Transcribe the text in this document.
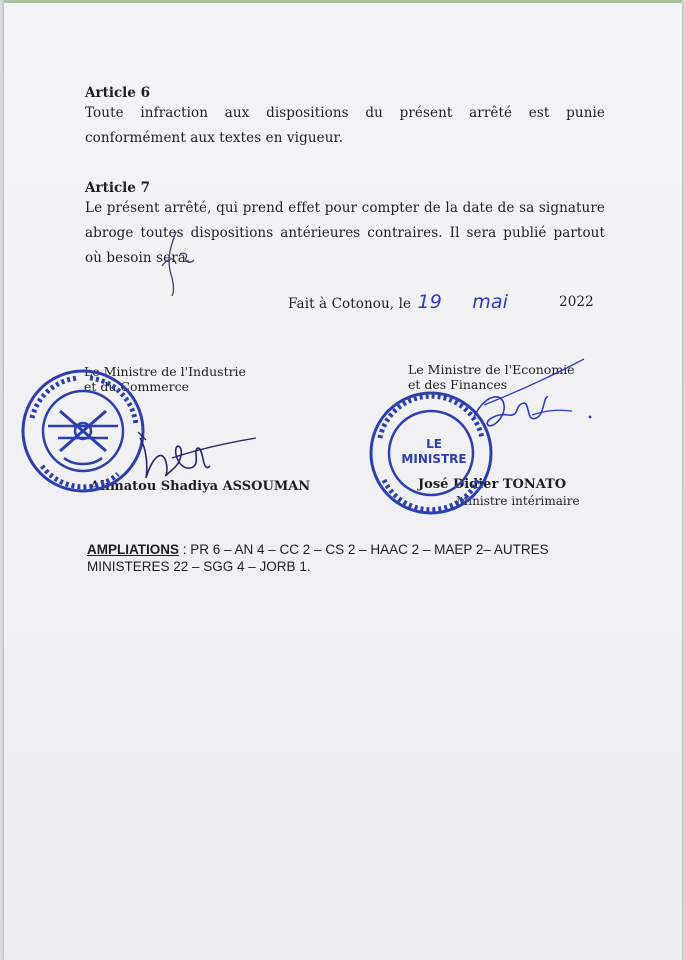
Article 6
Toute infraction aux dispositions du présent arrêté est punie conformément aux textes en vigueur.
Article 7
Le présent arrêté, qui prend effet pour compter de la date de sa signature abroge toutes dispositions antérieures contraires. Il sera publié partout où besoin sera.
Fait à Cotonou, le 19 mai	2022
Le Ministre de l'Industrie
et du Commerce
Alimatou Shadiya ASSOUMAN
Le Ministre de l'Economie
et des Finances
José Didier TONATO
Ministre intérimaire
LE
MINISTRE
AMPLIATIONS : PR 6 – AN 4 – CC 2 – CS 2 – HAAC 2 – MAEP 2– AUTRES MINISTERES 22 – SGG 4 – JORB 1.
